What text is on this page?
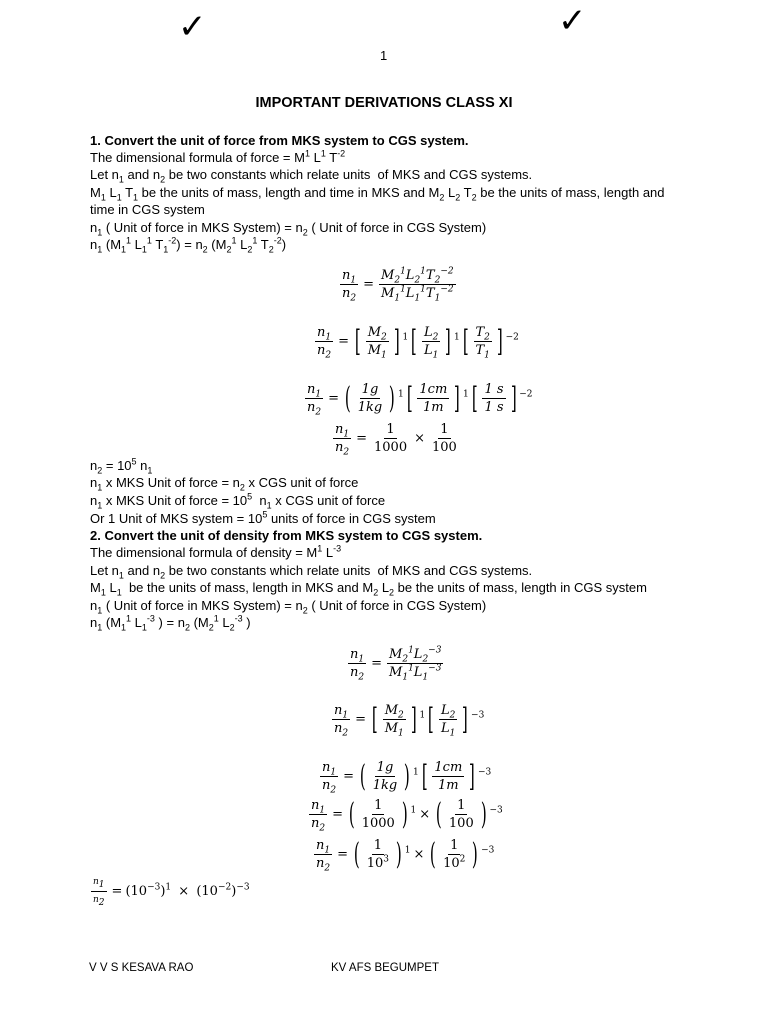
✓	✓
1
IMPORTANT DERIVATIONS CLASS XI
1. Convert the unit of force from MKS system to CGS system.
The dimensional formula of force = $M^1$ $L^1$ $T^{-2}$
Let $n_1$ and $n_2$ be two constants which relate units  of MKS and CGS systems.
$M_1$ $L_1$ $T_1$ be the units of mass, length and time in MKS and $M_2$ $L_2$ $T_2$ be the units of mass, length and time in CGS system
$n_1$ ( Unit of force in MKS System) = $n_2$ ( Unit of force in CGS System)
$n_1$ ($M_1^1$ $L_1^1$ $T_1^{-2}) = n_2$ ($M_2^1$ $L_2^1$ $T_2^{-2}$)
$\frac{n_1}{n_2} = \frac{M_2^1L_2^1T_2^{-2}}{M_1^1L_1^1T_1^{-2}}$
$\frac{n_1}{n_2}$ = [ $\frac{M_2}{M_1}$ ] $^1$ [ $\frac{L_2}{L_1}$ ] $^1$ [ $\frac{T_2}{T_1}$ ] $^{-2}$
$\frac{n_1}{n_2}$ = ( $\frac{1g}{1kg}$ ) $^1$ [ $\frac{1cm}{1m}$ ] $^1$ [ $\frac{1 s}{1 s}$ ] $^{-2}$
$\frac{n_1}{n_2} = \frac{1}{1000} \times \frac{1}{100}$
$n_2 = 10^5$ $n_1$
$n_1$ x MKS Unit of force = $n_2$ x CGS unit of force
$n_1$ x MKS Unit of force = $10^5$  $n_1$ x CGS unit of force
Or 1 Unit of MKS system = $10^5$ units of force in CGS system
2. Convert the unit of density from MKS system to CGS system.
The dimensional formula of density = $M^1$ $L^{-3}$
Let $n_1$ and $n_2$ be two constants which relate units  of MKS and CGS systems.
$M_1$ $L_1$  be the units of mass, length in MKS and $M_2$ $L_2$ be the units of mass, length in CGS system
$n_1$ ( Unit of force in MKS System) = $n_2$ ( Unit of force in CGS System)
$n_1$ ($M_1^1$ $L_1^{-3}$ ) = $n_2$ ($M_2^1$ $L_2^{-3}$ )
$\frac{n_1}{n_2} = \frac{M_2^1L_2^{-3}}{M_1^1L_1^{-3}}$
$\frac{n_1}{n_2}$ = [ $\frac{M_2}{M_1}$ ] $^1$ [ $\frac{L_2}{L_1}$ ] $^{-3}$
$\frac{n_1}{n_2}$ = ( $\frac{1g}{1kg}$ ) $^1$ [ $\frac{1cm}{1m}$ ] $^{-3}$
$\frac{n_1}{n_2}$ = ( $\frac{1}{1000}$ ) $^1$ × ( $\frac{1}{100}$ ) $^{-3}$
$\frac{n_1}{n_2}$ = ( $\frac{1}{10^3}$ ) $^1$ × ( $\frac{1}{10^2}$ ) $^{-3}$
$\frac{n_1}{n_2} = (10^{-3})^1 \times (10^{-2})^{-3}$
V V S KESAVA RAO	KV AFS BEGUMPET
